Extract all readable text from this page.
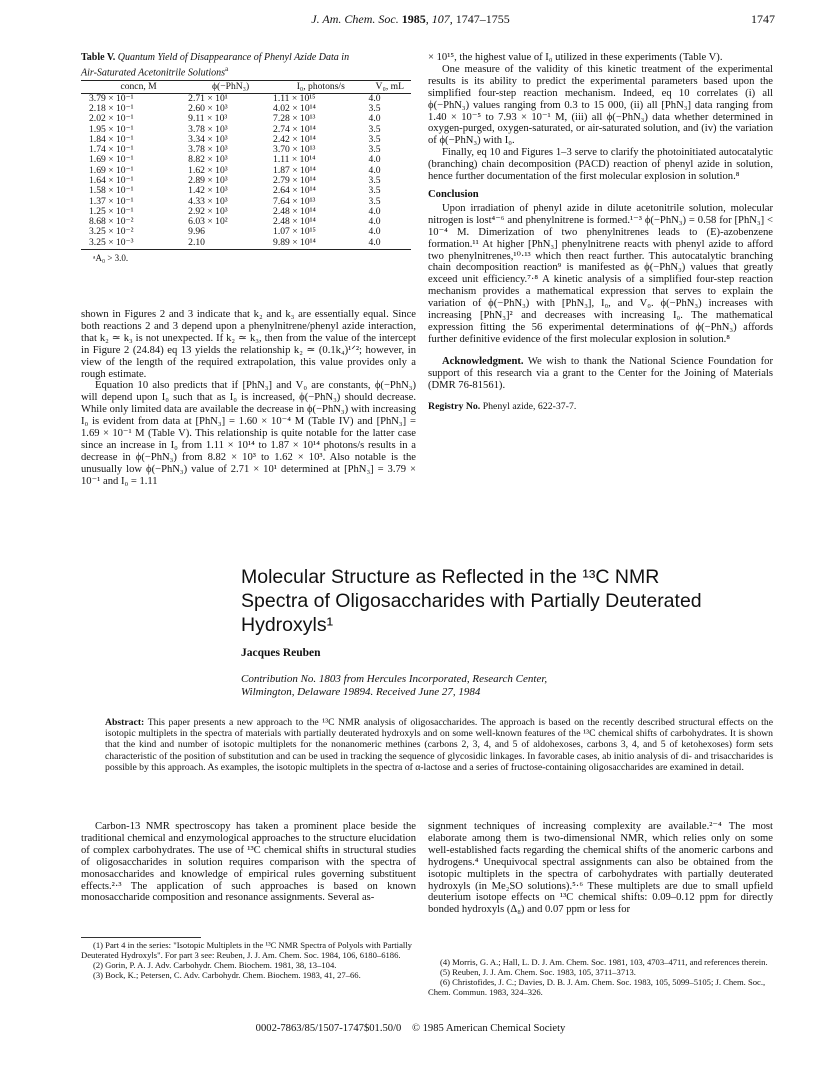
J. Am. Chem. Soc. 1985, 107, 1747–1755	1747
Table V. Quantum Yield of Disappearance of Phenyl Azide Data in
Air-Saturated Acetonitrile Solutions$^a$
concn, M	ϕ(−PhN₃)	I₀, photons/s	V₀, mL
3.79 × 10⁻¹	2.71 × 10¹	1.11 × 10¹⁵	4.0
2.18 × 10⁻¹	2.60 × 10³	4.02 × 10¹⁴	3.5
2.02 × 10⁻¹	9.11 × 10³	7.28 × 10¹³	4.0
1.95 × 10⁻¹	3.78 × 10³	2.74 × 10¹⁴	3.5
1.84 × 10⁻¹	3.34 × 10³	2.42 × 10¹⁴	3.5
1.74 × 10⁻¹	3.78 × 10³	3.70 × 10¹³	3.5
1.69 × 10⁻¹	8.82 × 10³	1.11 × 10¹⁴	4.0
1.69 × 10⁻¹	1.62 × 10³	1.87 × 10¹⁴	4.0
1.64 × 10⁻¹	2.89 × 10³	2.79 × 10¹⁴	3.5
1.58 × 10⁻¹	1.42 × 10³	2.64 × 10¹⁴	3.5
1.37 × 10⁻¹	4.33 × 10³	7.64 × 10¹³	3.5
1.25 × 10⁻¹	2.92 × 10³	2.48 × 10¹⁴	4.0
8.68 × 10⁻²	6.03 × 10²	2.48 × 10¹⁴	4.0
3.25 × 10⁻²	9.96	1.07 × 10¹⁵	4.0
3.25 × 10⁻³	2.10	9.89 × 10¹⁴	4.0
ᵃA₀ > 3.0.

shown in Figures 2 and 3 indicate that k₂ and k₃ are essentially equal. Since both reactions 2 and 3 depend upon a phenylnitrene/phenyl azide interaction, that k₂ ≃ k₃ is not unexpected. If k₂ ≃ k₃, then from the value of the intercept in Figure 2 (24.84) eq 13 yields the relationship k₂ ≃ (0.1k₄)¹ᐟ²; however, in view of the length of the required extrapolation, this value provides only a rough estimate.

Equation 10 also predicts that if [PhN₃] and V₀ are constants, ϕ(−PhN₃) will depend upon I₀ such that as I₀ is increased, ϕ(−PhN₃) should decrease. While only limited data are available the decrease in ϕ(−PhN₃) with increasing I₀ is evident from data at [PhN₃] = 1.60 × 10⁻⁴ M (Table IV) and [PhN₃] = 1.69 × 10⁻¹ M (Table V). This relationship is quite notable for the latter case since an increase in I₀ from 1.11 × 10¹⁴ to 1.87 × 10¹⁴ photons/s results in a decrease in ϕ(−PhN₃) from 8.82 × 10³ to 1.62 × 10³. Also notable is the unusually low ϕ(−PhN₃) value of 2.71 × 10¹ determined at [PhN₃] = 3.79 × 10⁻¹ and I₀ = 1.11

× 10¹⁵, the highest value of I₀ utilized in these experiments (Table V).

One measure of the validity of this kinetic treatment of the experimental results is its ability to predict the experimental parameters based upon the simplified four-step reaction mechanism. Indeed, eq 10 correlates (i) all ϕ(−PhN₃) values ranging from 0.3 to 15 000, (ii) all [PhN₃] data ranging from 1.40 × 10⁻⁵ to 7.93 × 10⁻¹ M, (iii) all ϕ(−PhN₃) data whether determined in oxygen-purged, oxygen-saturated, or air-saturated solution, and (iv) the variation of ϕ(−PhN₃) with I₀.

Finally, eq 10 and Figures 1–3 serve to clarify the photoinitiated autocatalytic (branching) chain decomposition (PACD) reaction of phenyl azide in solution, hence further documentation of the first molecular explosion in solution.⁸

Conclusion

Upon irradiation of phenyl azide in dilute acetonitrile solution, molecular nitrogen is lost⁴⁻⁶ and phenylnitrene is formed.¹⁻³ ϕ(−PhN₃) = 0.58 for [PhN₃] < 10⁻⁴ M. Dimerization of two phenylnitrenes leads to (E)-azobenzene formation.¹¹ At higher [PhN₃] phenylnitrene reacts with phenyl azide to afford two phenylnitrenes,¹⁰·¹³ which then react further. This autocatalytic branching chain decomposition reaction⁹ is manifested as ϕ(−PhN₃) values that greatly exceed unit efficiency.⁷·⁸ A kinetic analysis of a simplified four-step reaction mechanism provides a mathematical expression that serves to explain the variation of ϕ(−PhN₃) with [PhN₃], I₀, and V₀. ϕ(−PhN₃) increases with increasing [PhN₃]² and decreases with increasing I₀. The mathematical expression fitting the 56 experimental determinations of ϕ(−PhN₃) affords further definitive evidence of the first molecular explosion in solution.⁸

Acknowledgment. We wish to thank the National Science Foundation for support of this research via a grant to the Center for the Joining of Materials (DMR 76-81561).

Registry No. Phenyl azide, 622-37-7.

Molecular Structure as Reflected in the ¹³C NMR
Spectra of Oligosaccharides with Partially Deuterated
Hydroxyls¹
Jacques Reuben
Contribution No. 1803 from Hercules Incorporated, Research Center,
Wilmington, Delaware 19894. Received June 27, 1984
Abstract: This paper presents a new approach to the ¹³C NMR analysis of oligosaccharides. The approach is based on the recently described structural effects on the isotopic multiplets in the spectra of materials with partially deuterated hydroxyls and on some well-known features of the ¹³C chemical shifts of carbohydrates. It is shown that the kind and number of isotopic multiplets for the nonanomeric methines (carbons 2, 3, 4, and 5 of aldohexoses, carbons 3, 4, and 5 of ketohexoses) form sets characteristic of the position of substitution and can be used in tracking the sequence of glycosidic linkages. In favorable cases, ab initio analysis of di- and trisaccharides is possible by this approach. As examples, the isotopic multiplets in the spectra of α-lactose and a series of fructose-containing oligosaccharides are examined in detail.

Carbon-13 NMR spectroscopy has taken a prominent place beside the traditional chemical and enzymological approaches to the structure elucidation of complex carbohydrates. The use of ¹³C chemical shifts in structural studies of oligosaccharides in solution requires comparison with the spectra of monosaccharides and knowledge of empirical rules governing substituent effects.²·³ The application of such approaches is based on known monosaccharide composition and resonance assignments. Several as-

signment techniques of increasing complexity are available.²⁻⁴ The most elaborate among them is two-dimensional NMR, which relies only on some well-established facts regarding the chemical shifts of the anomeric carbons and hydrogens.⁴ Unequivocal spectral assignments can also be obtained from the isotopic multiplets in the spectra of carbohydrates with partially deuterated hydroxyls (in Me₂SO solutions).⁵·⁶ These multiplets are due to small upfield deuterium isotope effects on ¹³C chemical shifts: 0.09–0.12 ppm for directly bonded hydroxyls (Δ₈) and 0.07 ppm or less for

(1) Part 4 in the series: "Isotopic Multiplets in the ¹³C NMR Spectra of Polyols with Partially Deuterated Hydroxyls". For part 3 see: Reuben, J. J. Am. Chem. Soc. 1984, 106, 6180–6186.
(2) Gorin, P. A. J. Adv. Carbohydr. Chem. Biochem. 1981, 38, 13–104.
(3) Bock, K.; Petersen, C. Adv. Carbohydr. Chem. Biochem. 1983, 41, 27–66.
(4) Morris, G. A.; Hall, L. D. J. Am. Chem. Soc. 1981, 103, 4703–4711, and references therein.
(5) Reuben, J. J. Am. Chem. Soc. 1983, 105, 3711–3713.
(6) Christofides, J. C.; Davies, D. B. J. Am. Chem. Soc. 1983, 105, 5099–5105; J. Chem. Soc., Chem. Commun. 1983, 324–326.
0002-7863/85/1507-1747$01.50/0 © 1985 American Chemical Society
